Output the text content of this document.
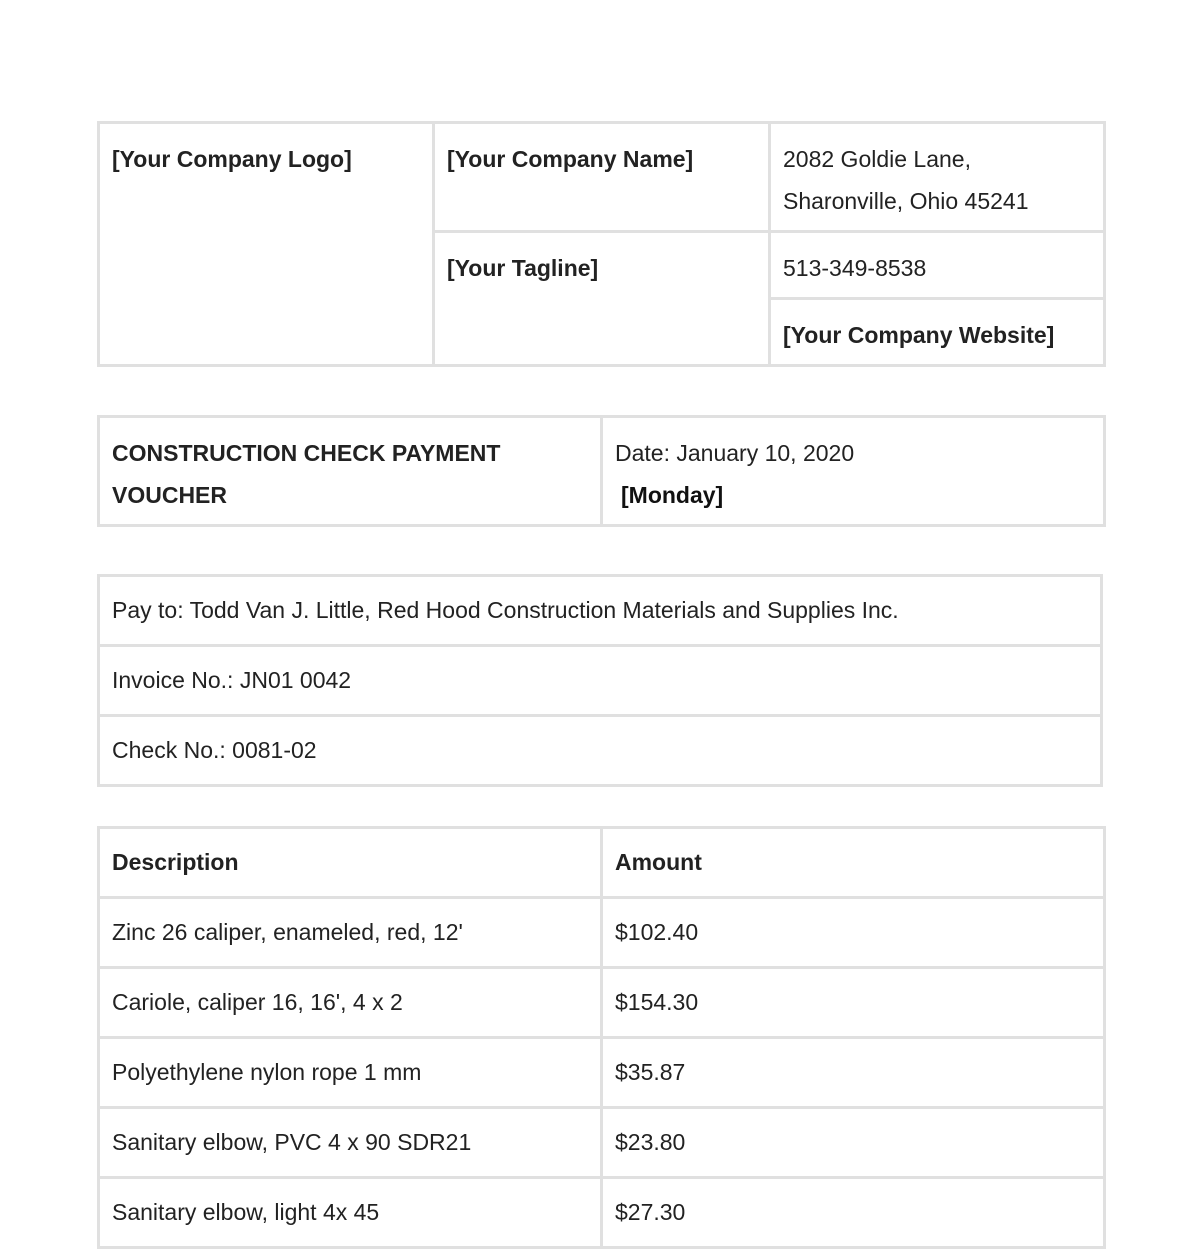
[Your Company Logo]	[Your Company Name]	2082 Goldie Lane,
Sharonville, Ohio 45241

	[Your Tagline]	513-349-8538
		[Your Company Website]
CONSTRUCTION CHECK PAYMENT
VOUCHER

Date: January 10, 2020
[Monday]
Pay to: Todd Van J. Little, Red Hood Construction Materials and Supplies Inc.
Invoice No.: JN01 0042
Check No.: 0081-02
Description	Amount
Zinc 26 caliper, enameled, red, 12'	$102.40
Cariole, caliper 16, 16', 4 x 2	$154.30
Polyethylene nylon rope 1 mm	$35.87
Sanitary elbow, PVC 4 x 90 SDR21	$23.80
Sanitary elbow, light 4x 45	$27.30
